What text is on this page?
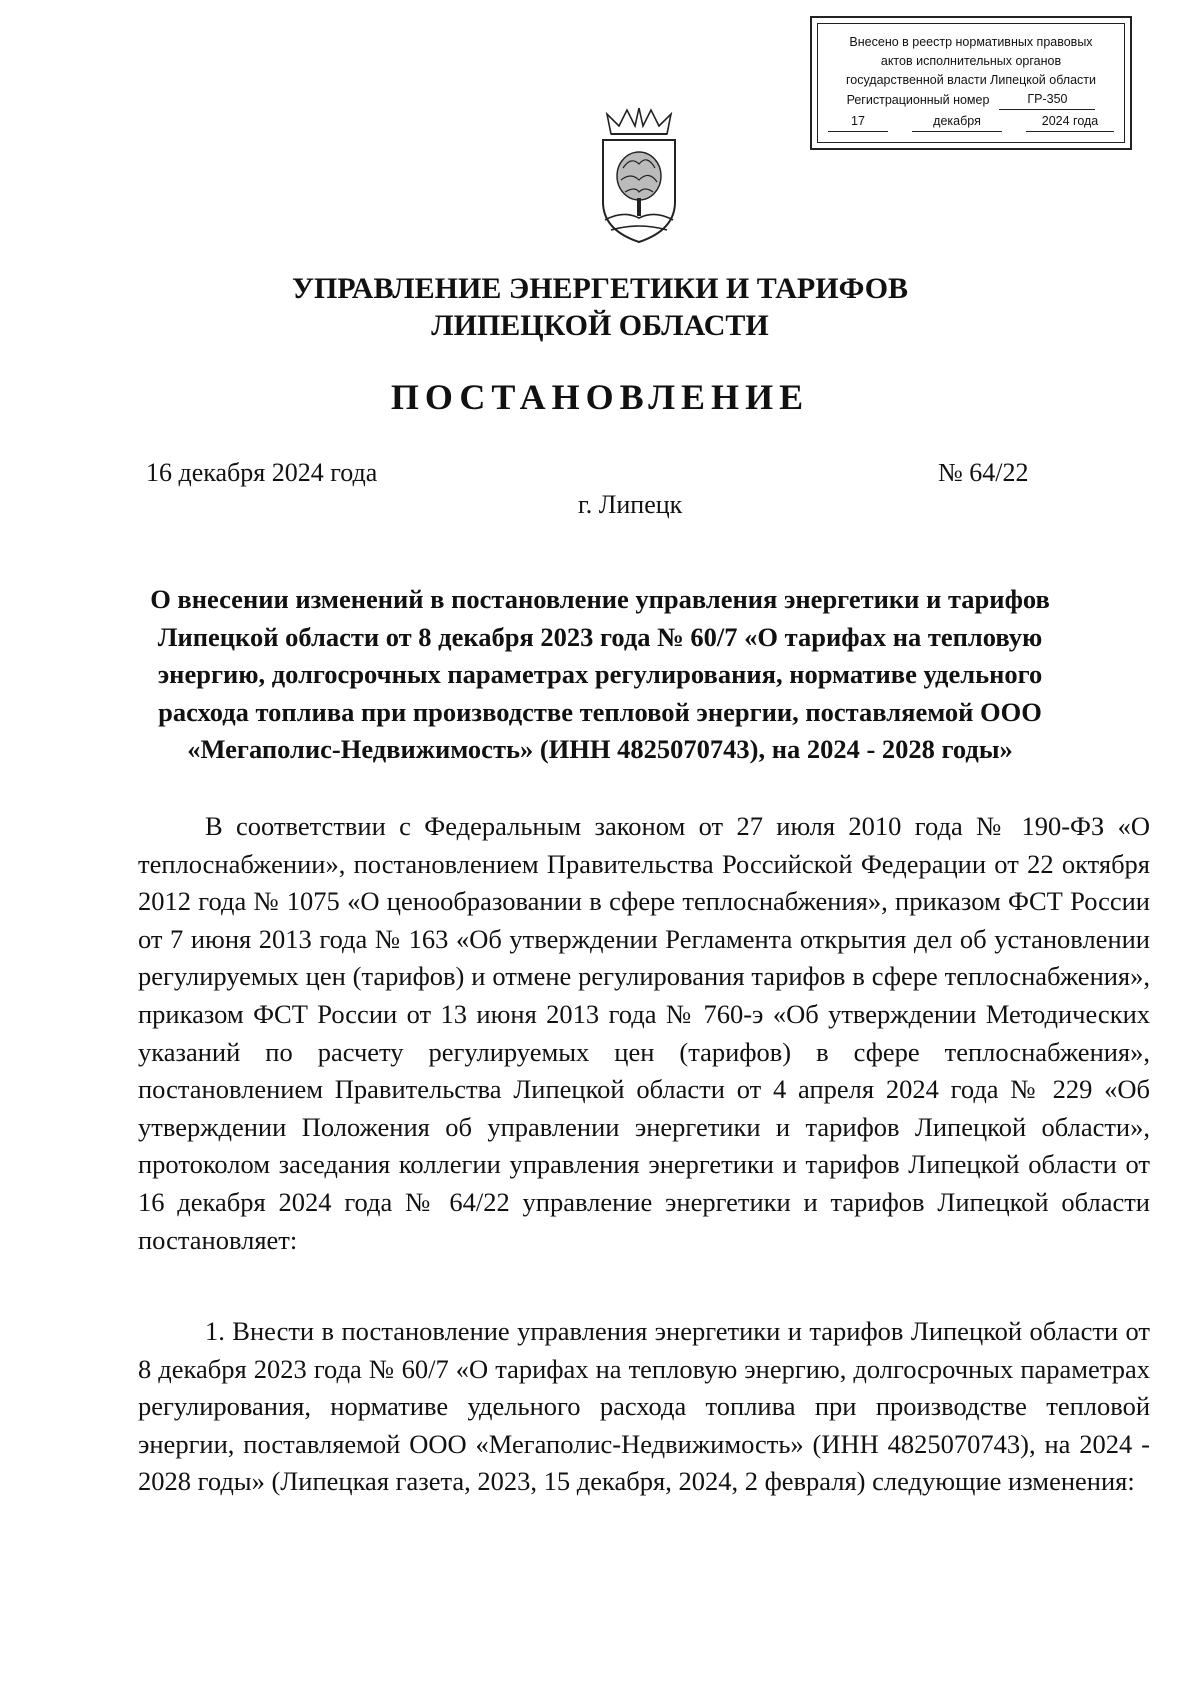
Внесено в реестр нормативных правовых
актов исполнительных органов
государственной власти Липецкой области
Регистрационный номер	ГР-350
17	декабря	2024 года
УПРАВЛЕНИЕ ЭНЕРГЕТИКИ И ТАРИФОВ
ЛИПЕЦКОЙ ОБЛАСТИ
ПОСТАНОВЛЕНИЕ
16 декабря 2024 года	№ 64/22
г. Липецк
О внесении изменений в постановление управления энергетики и тарифов Липецкой области от 8 декабря 2023 года № 60/7 «О тарифах на тепловую энергию, долгосрочных параметрах регулирования, нормативе удельного расхода топлива при производстве тепловой энергии, поставляемой ООО «Мегаполис-Недвижимость» (ИНН 4825070743), на 2024 - 2028 годы»

В соответствии с Федеральным законом от 27 июля 2010 года № 190-ФЗ «О теплоснабжении», постановлением Правительства Российской Федерации от 22 октября 2012 года № 1075 «О ценообразовании в сфере теплоснабжения», приказом ФСТ России от 7 июня 2013 года № 163 «Об утверждении Регламента открытия дел об установлении регулируемых цен (тарифов) и отмене регулирования тарифов в сфере теплоснабжения», приказом ФСТ России от 13 июня 2013 года № 760-э «Об утверждении Методических указаний по расчету регулируемых цен (тарифов) в сфере теплоснабжения», постановлением Правительства Липецкой области от 4 апреля 2024 года № 229 «Об утверждении Положения об управлении энергетики и тарифов Липецкой области», протоколом заседания коллегии управления энергетики и тарифов Липецкой области от 16 декабря 2024 года № 64/22 управление энергетики и тарифов Липецкой области постановляет:

1. Внести в постановление управления энергетики и тарифов Липецкой области от 8 декабря 2023 года № 60/7 «О тарифах на тепловую энергию, долгосрочных параметрах регулирования, нормативе удельного расхода топлива при производстве тепловой энергии, поставляемой ООО «Мегаполис-Недвижимость» (ИНН 4825070743), на 2024 - 2028 годы» (Липецкая газета, 2023, 15 декабря, 2024, 2 февраля) следующие изменения:
